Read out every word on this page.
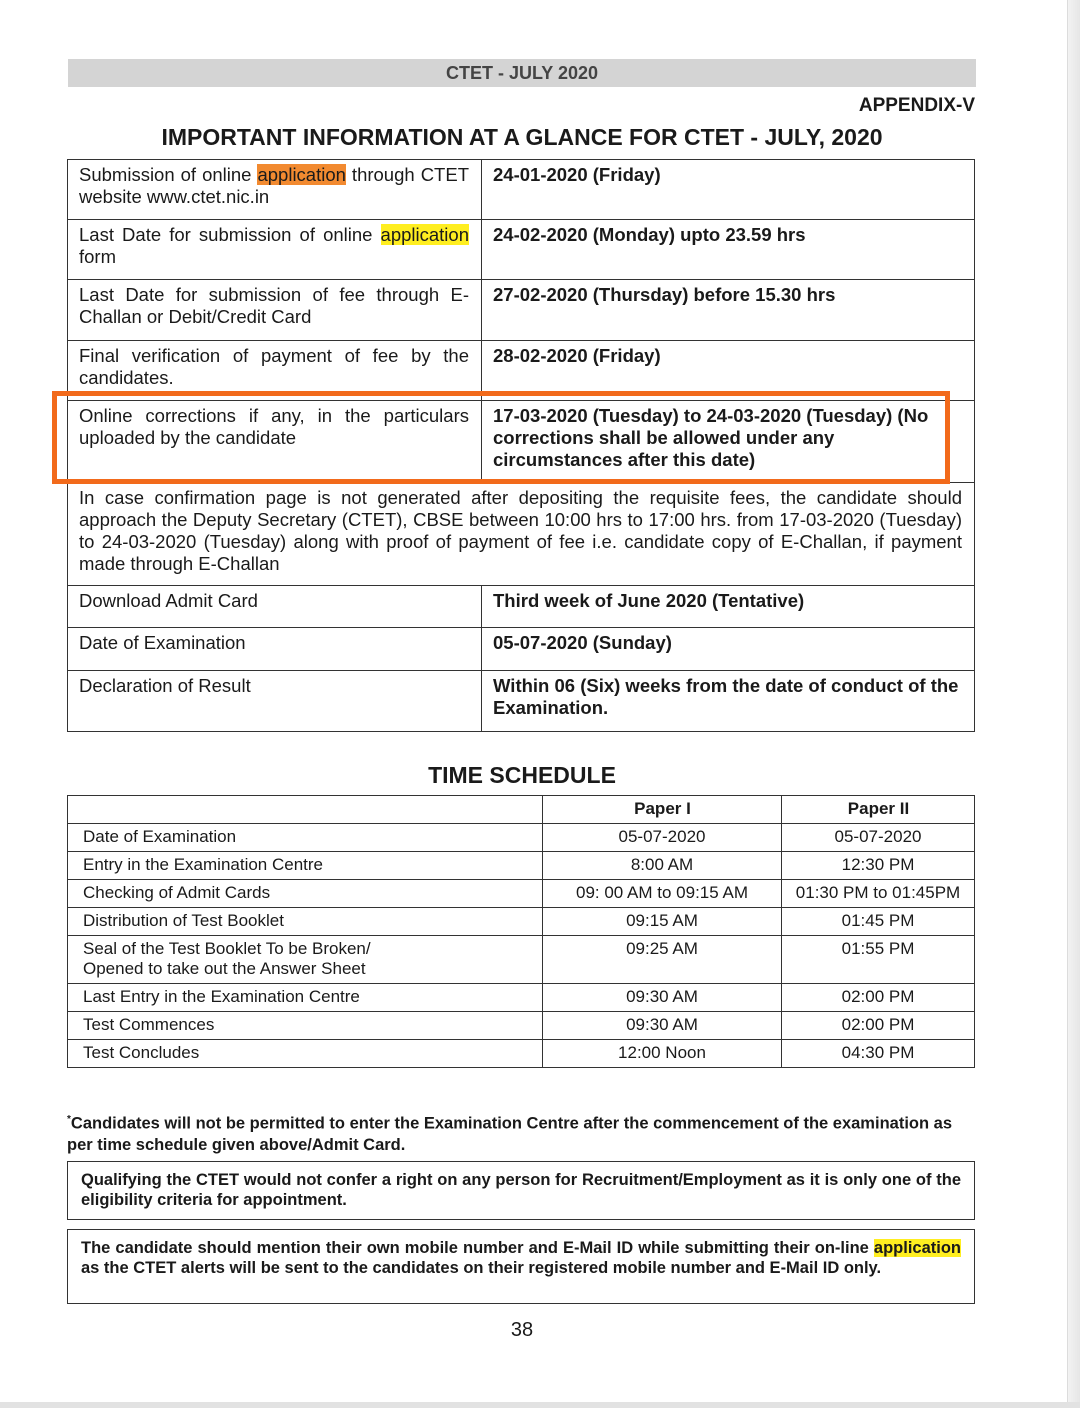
CTET - JULY 2020
APPENDIX-V
IMPORTANT INFORMATION AT A GLANCE FOR CTET - JULY, 2020
Submission of online application through CTET website www.ctet.nic.in	24-01-2020 (Friday)
Last Date for submission of online application form	24-02-2020 (Monday) upto 23.59 hrs
Last Date for submission of fee through E-Challan or Debit/Credit Card	27-02-2020 (Thursday) before 15.30 hrs
Final verification of payment of fee by the candidates.	28-02-2020 (Friday)
Online corrections if any, in the particulars uploaded by the candidate	17-03-2020 (Tuesday) to 24-03-2020 (Tuesday) (No corrections shall be allowed under any circumstances after this date)
In case confirmation page is not generated after depositing the requisite fees, the candidate should approach the Deputy Secretary (CTET), CBSE between 10:00 hrs to 17:00 hrs. from 17-03-2020 (Tuesday) to 24-03-2020 (Tuesday) along with proof of payment of fee i.e. candidate copy of E-Challan, if payment made through E-Challan	
Download Admit Card	Third week of June 2020 (Tentative)
Date of Examination	05-07-2020 (Sunday)
Declaration of Result	Within 06 (Six) weeks from the date of conduct of the Examination.
TIME SCHEDULE
	Paper I	Paper II
Date of Examination	05-07-2020	05-07-2020
Entry in the Examination Centre	8:00 AM	12:30 PM
Checking of Admit Cards	09: 00 AM to 09:15 AM	01:30 PM to 01:45PM
Distribution of Test Booklet	09:15 AM	01:45 PM
Seal of the Test Booklet To be Broken/ Opened to take out the Answer Sheet	09:25 AM	01:55 PM
Last Entry in the Examination Centre	09:30 AM	02:00 PM
Test Commences	09:30 AM	02:00 PM
Test Concludes	12:00 Noon	04:30 PM
*Candidates will not be permitted to enter the Examination Centre after the commencement of the examination as per time schedule given above/Admit Card.
Qualifying the CTET would not confer a right on any person for Recruitment/Employment as it is only one of the eligibility criteria for appointment.
The candidate should mention their own mobile number and E-Mail ID while submitting their on-line application as the CTET alerts will be sent to the candidates on their registered mobile number and E-Mail ID only.
38
